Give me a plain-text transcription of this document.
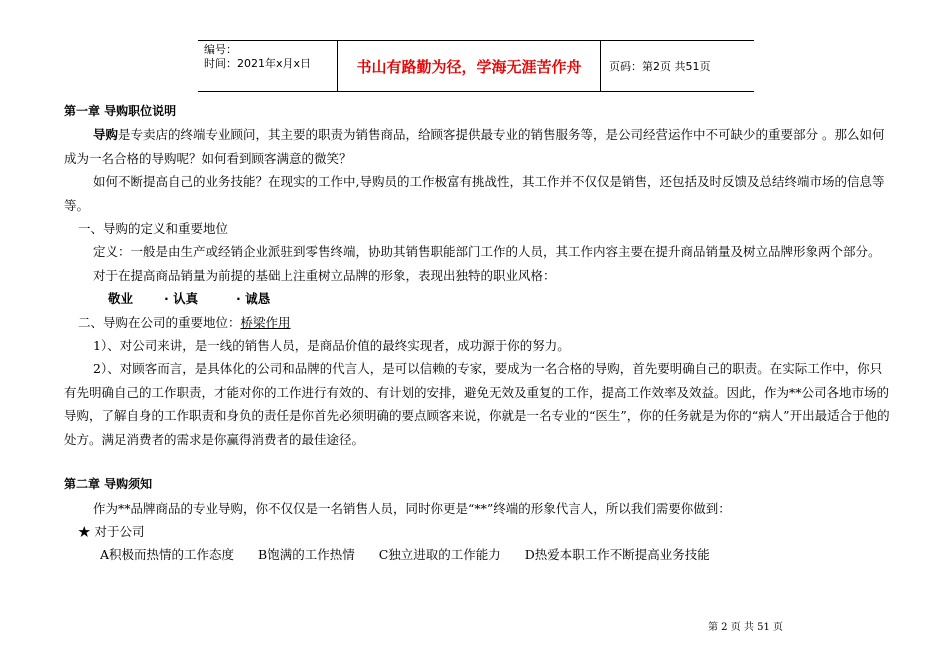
编号：
时间：2021年x月x日	书山有路勤为径，学海无涯苦作舟	页码：第2页 共51页

第一章 导购职位说明

导购是专卖店的终端专业顾问，其主要的职责为销售商品，给顾客提供最专业的销售服务等，是公司经营运作中不可缺少的重要部分 。那么如何成为一名合格的导购呢？如何看到顾客满意的微笑？

如何不断提高自己的业务技能？在现实的工作中,导购员的工作极富有挑战性，其工作并不仅仅是销售，还包括及时反馈及总结终端市场的信息等等。

一、导购的定义和重要地位

定义：一般是由生产或经销企业派驻到零售终端，协助其销售职能部门工作的人员，其工作内容主要在提升商品销量及树立品牌形象两个部分。

对于在提高商品销量为前提的基础上注重树立品牌的形象，表现出独特的职业风格：

敬业 · 认真	· 诚恳

二、导购在公司的重要地位：桥梁作用

1）、对公司来讲，是一线的销售人员，是商品价值的最终实现者，成功源于你的努力。

2）、对顾客而言，是具体化的公司和品牌的代言人，是可以信赖的专家，要成为一名合格的导购，首先要明确自己的职责。在实际工作中，你只有先明确自己的工作职责，才能对你的工作进行有效的、有计划的安排，避免无效及重复的工作，提高工作效率及效益。因此，作为**公司各地市场的导购，了解自身的工作职责和身负的责任是你首先必须明确的要点顾客来说，你就是一名专业的“医生”，你的任务就是为你的“病人”开出最适合于他的处方。满足消费者的需求是你赢得消费者的最佳途径。

第二章 导购须知

作为**品牌商品的专业导购，你不仅仅是一名销售人员，同时你更是“**”终端的形象代言人，所以我们需要你做到：

★ 对于公司

A积极而热情的工作态度 B饱满的工作热情 C独立进取的工作能力 D热爱本职工作不断提高业务技能

第 2 页 共 51 页
